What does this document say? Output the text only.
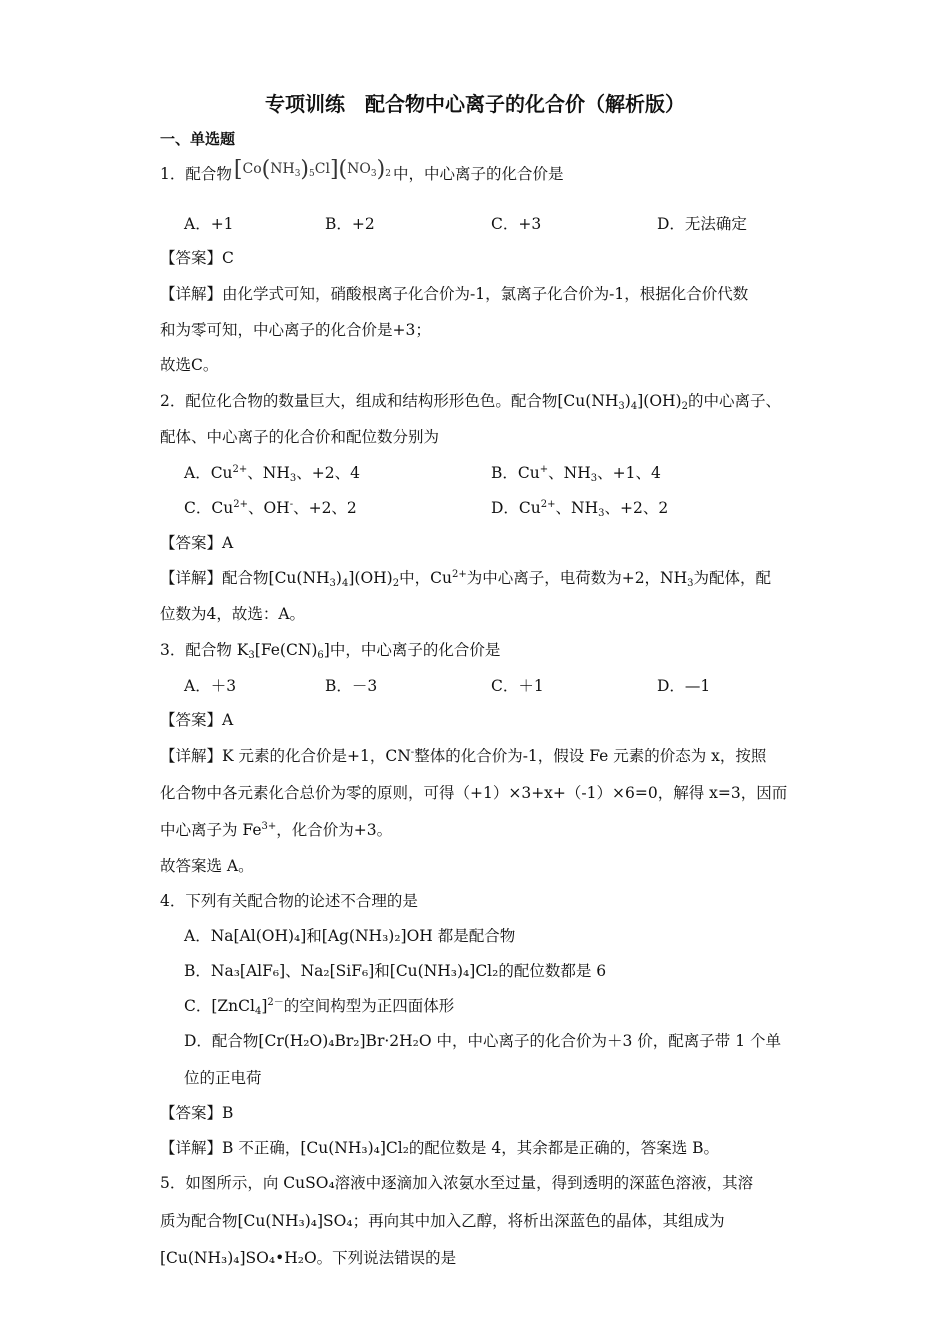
专项训练　配合物中心离子的化合价（解析版）
一、单选题
1．配合物$[Co(NH_3)_5Cl](NO_3)_2$ 中，中心离子的化合价是
A．+1	B．+2	C．+3	D．无法确定
【答案】C
【详解】由化学式可知，硝酸根离子化合价为-1，氯离子化合价为-1，根据化合价代数
和为零可知，中心离子的化合价是+3；
故选C。
2．配位化合物的数量巨大，组成和结构形形色色。配合物$[Cu(NH_3)_4](OH)_2$的中心离子、
配体、中心离子的化合价和配位数分别为
A．$Cu^{2+}$、$NH_3$、+2、4	B．Cu+、$NH_3$、+1、4
C．$Cu^{2+}$、OH-、+2、2	D．$Cu^{2+}$、$NH_3$、+2、2
【答案】A
【详解】配合物$[Cu(NH_3)_4](OH)_2$中，$Cu^{2+}$为中心离子，电荷数为+2，$NH_3$为配体，配
位数为4，故选：A。
3．配合物 $K_3[Fe(CN)_6]$中，中心离子的化合价是
A．＋3	B．－3	C．＋1	D．—1
【答案】A
【详解】K 元素的化合价是+1，CN-整体的化合价为-1，假设 Fe 元素的价态为 x，按照
化合物中各元素化合总价为零的原则，可得（+1）×3+x+（-1）×6=0，解得 x=3，因而
中心离子为 $Fe^{3+}$，化合价为+3。
故答案选 A。
4．下列有关配合物的论述不合理的是
A．Na[Al(OH)₄]和[Ag(NH₃)₂]OH 都是配合物
B．Na₃[AlF₆]、Na₂[SiF₆]和[Cu(NH₃)₄]Cl₂的配位数都是 6
C．[ZnCl$_4$]$^{2-}$的空间构型为正四面体形
D．配合物[Cr(H₂O)₄Br₂]Br·2H₂O 中，中心离子的化合价为＋3 价，配离子带 1 个单
位的正电荷
【答案】B
【详解】B 不正确，[Cu(NH₃)₄]Cl₂的配位数是 4，其余都是正确的，答案选 B。
5．如图所示，向 CuSO₄溶液中逐滴加入浓氨水至过量，得到透明的深蓝色溶液，其溶
质为配合物[Cu(NH₃)₄]SO₄；再向其中加入乙醇，将析出深蓝色的晶体，其组成为
[Cu(NH₃)₄]SO₄•H₂O。下列说法错误的是
